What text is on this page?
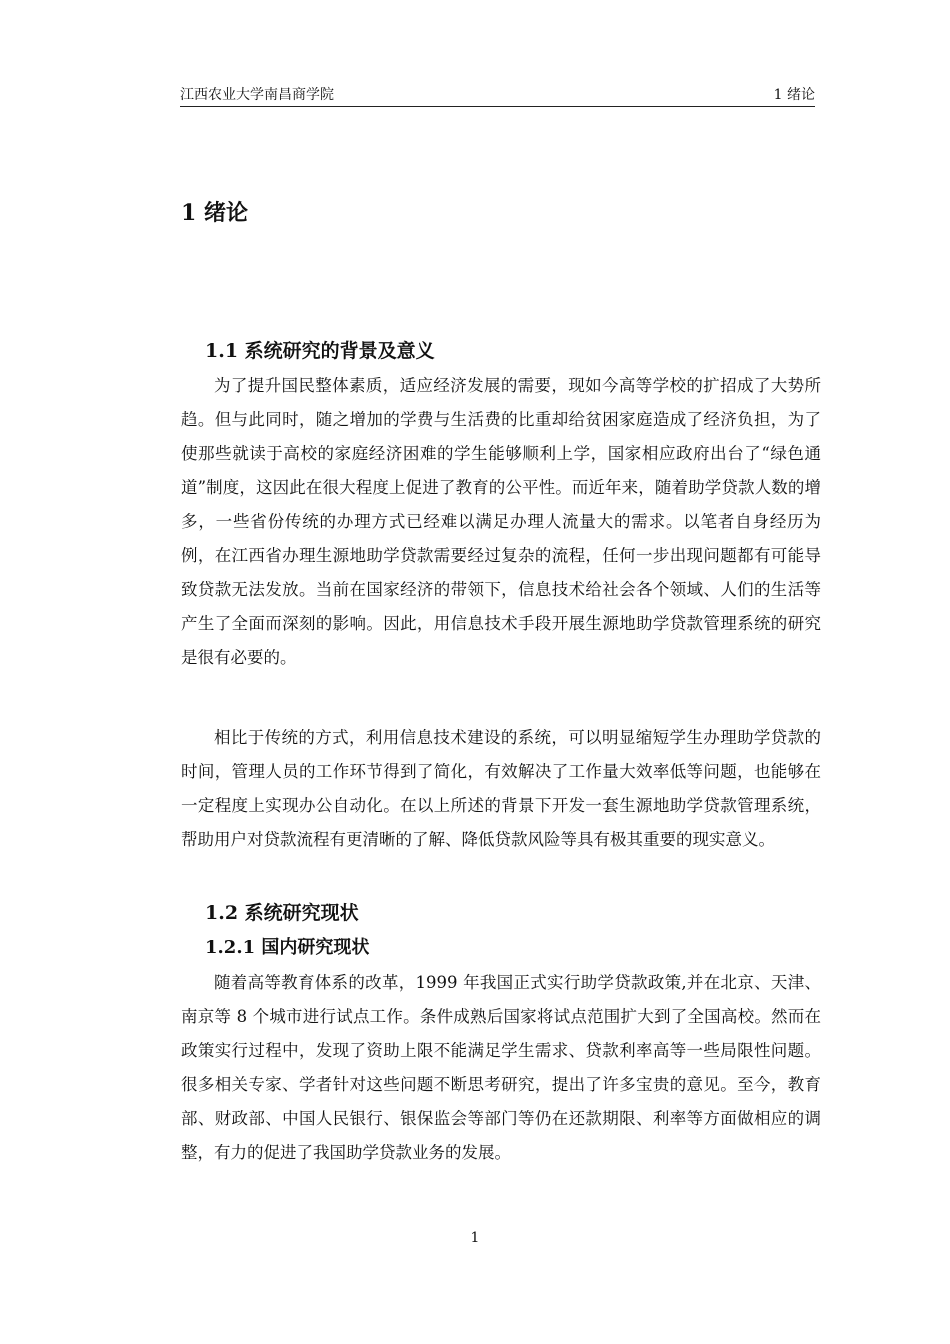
江西农业大学南昌商学院	1 绪论
1 绪论
1.1 系统研究的背景及意义

为了提升国民整体素质，适应经济发展的需要，现如今高等学校的扩招成了大势所趋。但与此同时，随之增加的学费与生活费的比重却给贫困家庭造成了经济负担，为了使那些就读于高校的家庭经济困难的学生能够顺利上学，国家相应政府出台了“绿色通道”制度，这因此在很大程度上促进了教育的公平性。而近年来，随着助学贷款人数的增多，一些省份传统的办理方式已经难以满足办理人流量大的需求。以笔者自身经历为例，在江西省办理生源地助学贷款需要经过复杂的流程，任何一步出现问题都有可能导致贷款无法发放。当前在国家经济的带领下，信息技术给社会各个领域、人们的生活等产生了全面而深刻的影响。因此，用信息技术手段开展生源地助学贷款管理系统的研究是很有必要的。

相比于传统的方式，利用信息技术建设的系统，可以明显缩短学生办理助学贷款的时间，管理人员的工作环节得到了简化，有效解决了工作量大效率低等问题，也能够在一定程度上实现办公自动化。在以上所述的背景下开发一套生源地助学贷款管理系统，帮助用户对贷款流程有更清晰的了解、降低贷款风险等具有极其重要的现实意义。

1.2 系统研究现状
1.2.1 国内研究现状

随着高等教育体系的改革，1999 年我国正式实行助学贷款政策,并在北京、天津、南京等 8 个城市进行试点工作。条件成熟后国家将试点范围扩大到了全国高校。然而在政策实行过程中，发现了资助上限不能满足学生需求、贷款利率高等一些局限性问题。很多相关专家、学者针对这些问题不断思考研究，提出了许多宝贵的意见。至今，教育部、财政部、中国人民银行、银保监会等部门等仍在还款期限、利率等方面做相应的调整，有力的促进了我国助学贷款业务的发展。

1
